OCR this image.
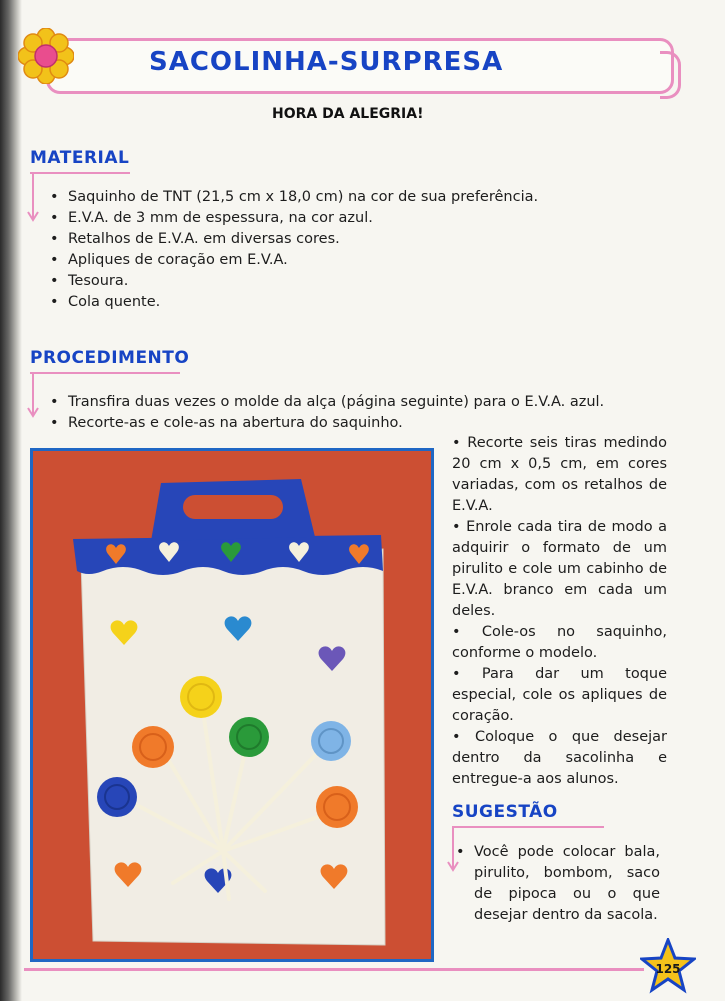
SACOLINHA-SURPRESA
HORA DA ALEGRIA!
MATERIAL
• Saquinho de TNT (21,5 cm x 18,0 cm) na cor de sua preferência.
• E.V.A. de 3 mm de espessura, na cor azul.
• Retalhos de E.V.A. em diversas cores.
• Apliques de coração em E.V.A.
• Tesoura.
• Cola quente.
PROCEDIMENTO
• Transfira duas vezes o molde da alça (página seguinte) para o E.V.A. azul.
• Recorte-as e cole-as na abertura do saquinho.

• Recorte seis tiras medindo 20 cm x 0,5 cm, em cores variadas, com os retalhos de E.V.A.

• Enrole cada tira de modo a adquirir o formato de um pirulito e cole um cabinho de E.V.A. branco em cada um deles.

• Cole-os no saquinho, conforme o modelo.

• Para dar um toque especial, cole os apliques de coração.

• Coloque o que desejar dentro da sacolinha e entregue-a aos alunos.

SUGESTÃO
• Você pode colocar bala, pirulito, bombom, saco de pipoca ou o que desejar dentro da sacola.
125
